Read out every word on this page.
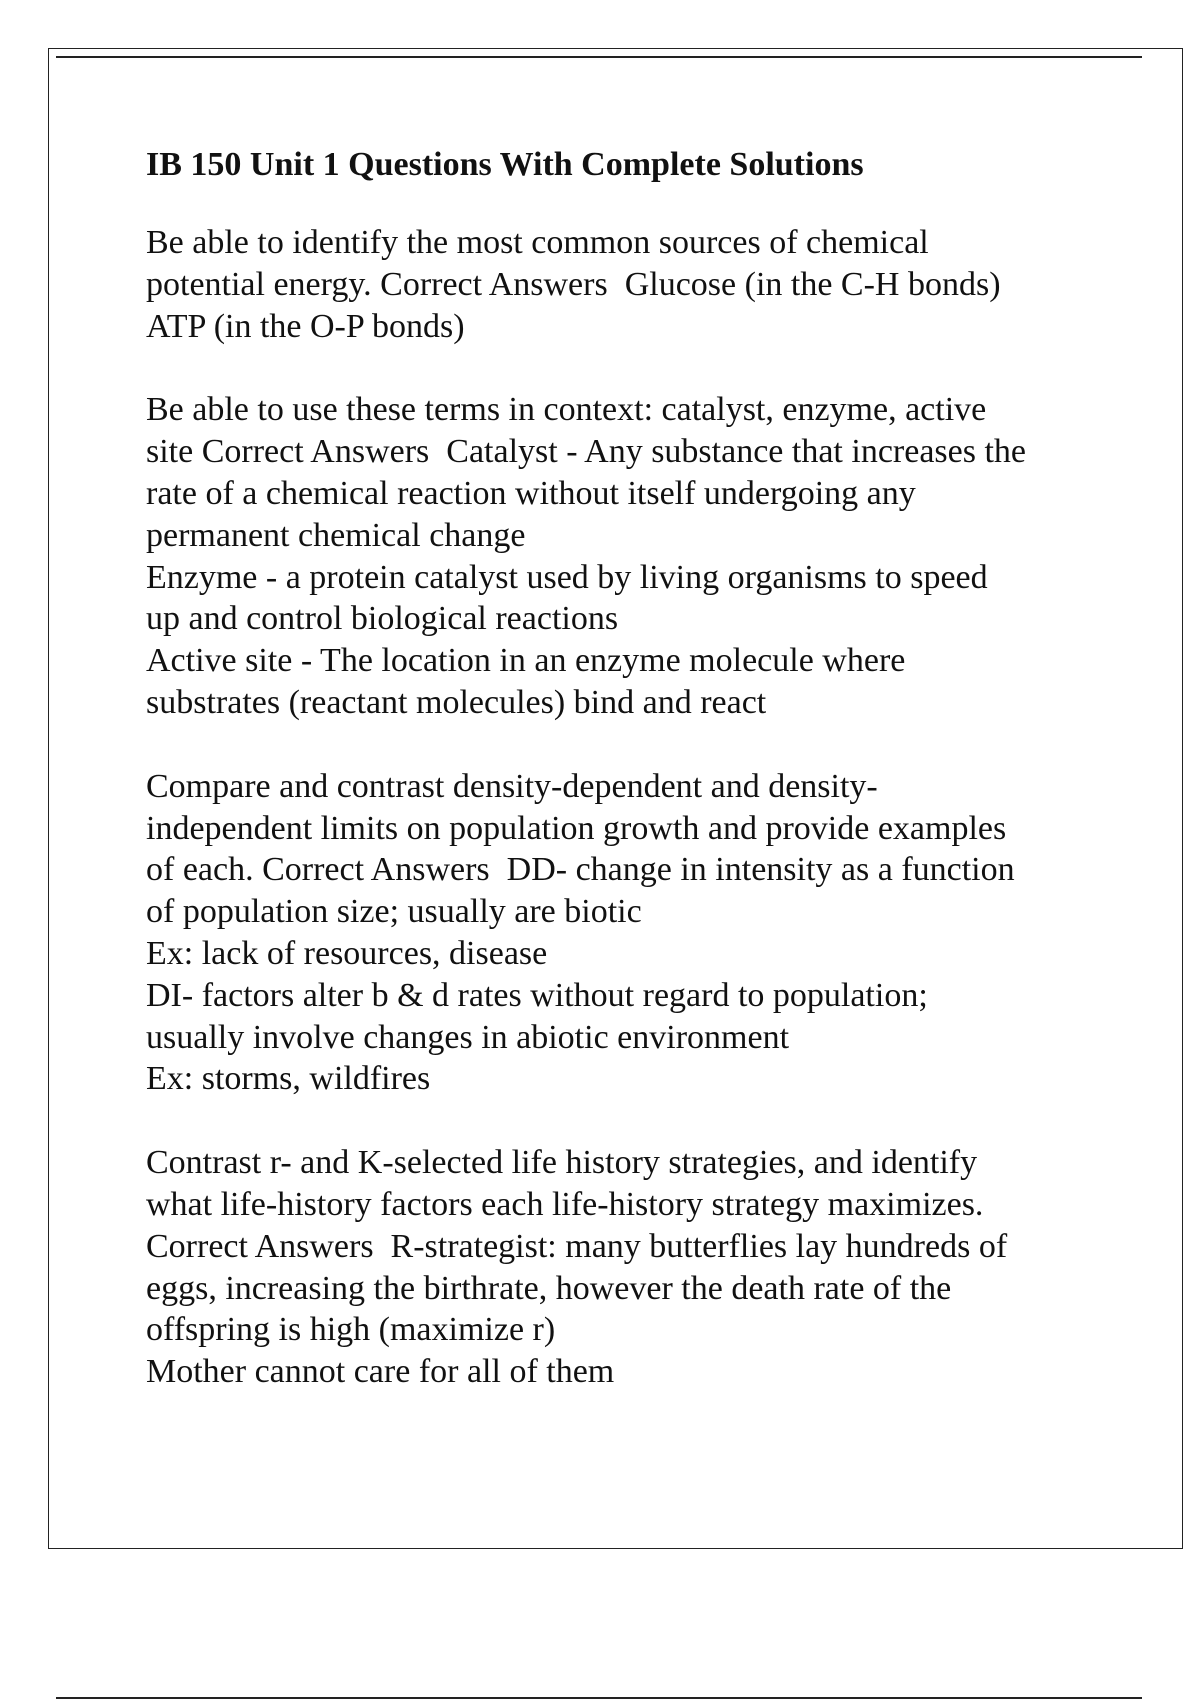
IB 150 Unit 1 Questions With Complete Solutions
Be able to identify the most common sources of chemical
potential energy. Correct Answers  Glucose (in the C-H bonds)
ATP (in the O-P bonds)
Be able to use these terms in context: catalyst, enzyme, active
site Correct Answers  Catalyst - Any substance that increases the
rate of a chemical reaction without itself undergoing any
permanent chemical change
Enzyme - a protein catalyst used by living organisms to speed
up and control biological reactions
Active site - The location in an enzyme molecule where
substrates (reactant molecules) bind and react
Compare and contrast density-dependent and density-
independent limits on population growth and provide examples
of each. Correct Answers  DD- change in intensity as a function
of population size; usually are biotic
Ex: lack of resources, disease
DI- factors alter b & d rates without regard to population;
usually involve changes in abiotic environment
Ex: storms, wildfires
Contrast r- and K-selected life history strategies, and identify
what life-history factors each life-history strategy maximizes.
Correct Answers  R-strategist: many butterflies lay hundreds of
eggs, increasing the birthrate, however the death rate of the
offspring is high (maximize r)
Mother cannot care for all of them
